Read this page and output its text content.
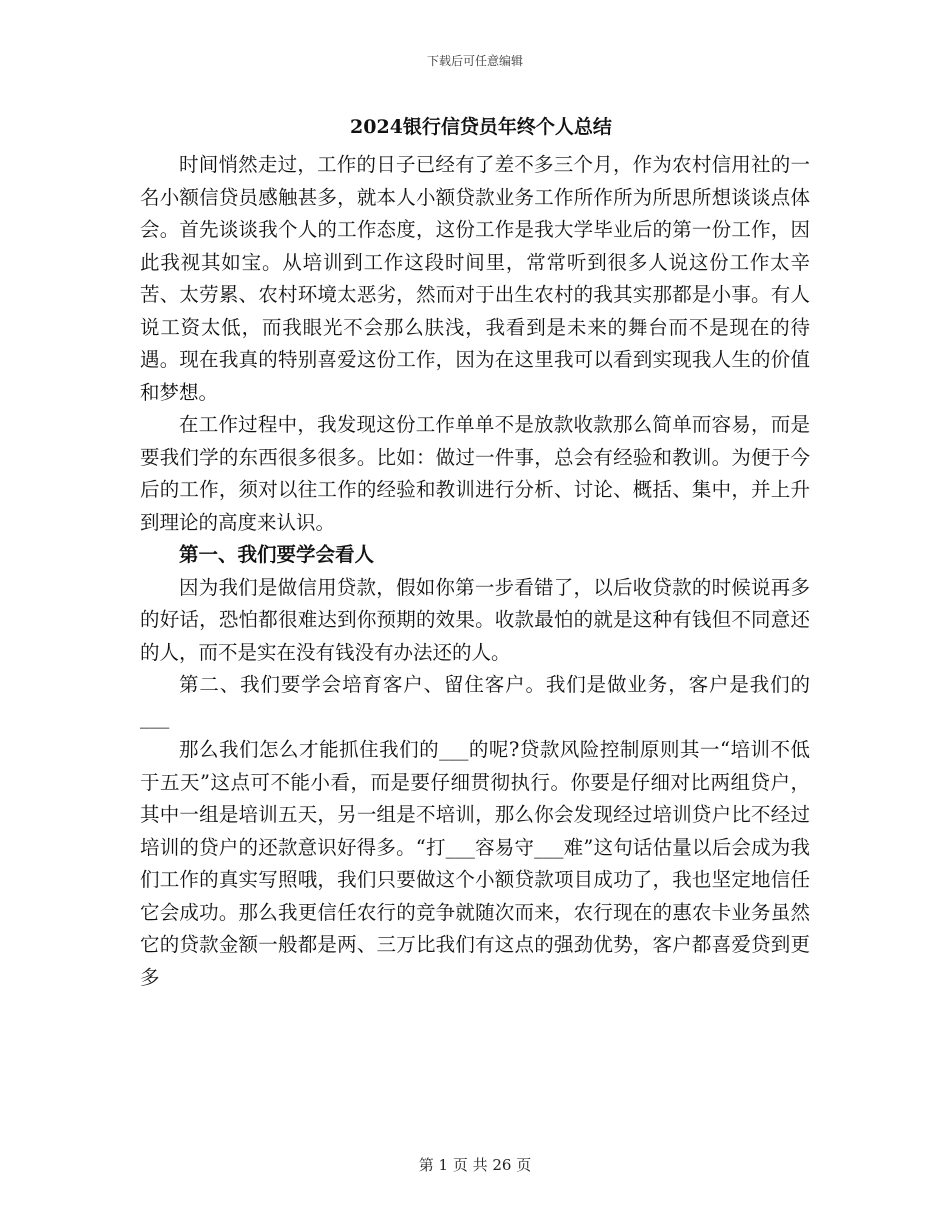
下载后可任意编辑
2024银行信贷员年终个人总结

时间悄然走过，工作的日子已经有了差不多三个月，作为农村信用社的一名小额信贷员感触甚多，就本人小额贷款业务工作所作所为所思所想谈谈点体会。首先谈谈我个人的工作态度，这份工作是我大学毕业后的第一份工作，因此我视其如宝。从培训到工作这段时间里，常常听到很多人说这份工作太辛苦、太劳累、农村环境太恶劣，然而对于出生农村的我其实那都是小事。有人说工资太低，而我眼光不会那么肤浅，我看到是未来的舞台而不是现在的待遇。现在我真的特别喜爱这份工作，因为在这里我可以看到实现我人生的价值和梦想。

在工作过程中，我发现这份工作单单不是放款收款那么简单而容易，而是要我们学的东西很多很多。比如：做过一件事，总会有经验和教训。为便于今后的工作，须对以往工作的经验和教训进行分析、讨论、概括、集中，并上升到理论的高度来认识。

第一、我们要学会看人

因为我们是做信用贷款，假如你第一步看错了，以后收贷款的时候说再多的好话，恐怕都很难达到你预期的效果。收款最怕的就是这种有钱但不同意还的人，而不是实在没有钱没有办法还的人。

第二、我们要学会培育客户、留住客户。我们是做业务，客户是我们的___

那么我们怎么才能抓住我们的___的呢?贷款风险控制原则其一“培训不低于五天”这点可不能小看，而是要仔细贯彻执行。你要是仔细对比两组贷户，其中一组是培训五天，另一组是不培训，那么你会发现经过培训贷户比不经过培训的贷户的还款意识好得多。“打___容易守___难”这句话估量以后会成为我们工作的真实写照哦，我们只要做这个小额贷款项目成功了，我也坚定地信任它会成功。那么我更信任农行的竞争就随次而来，农行现在的惠农卡业务虽然它的贷款金额一般都是两、三万比我们有这点的强劲优势，客户都喜爱贷到更多

第 1 页 共 26 页
